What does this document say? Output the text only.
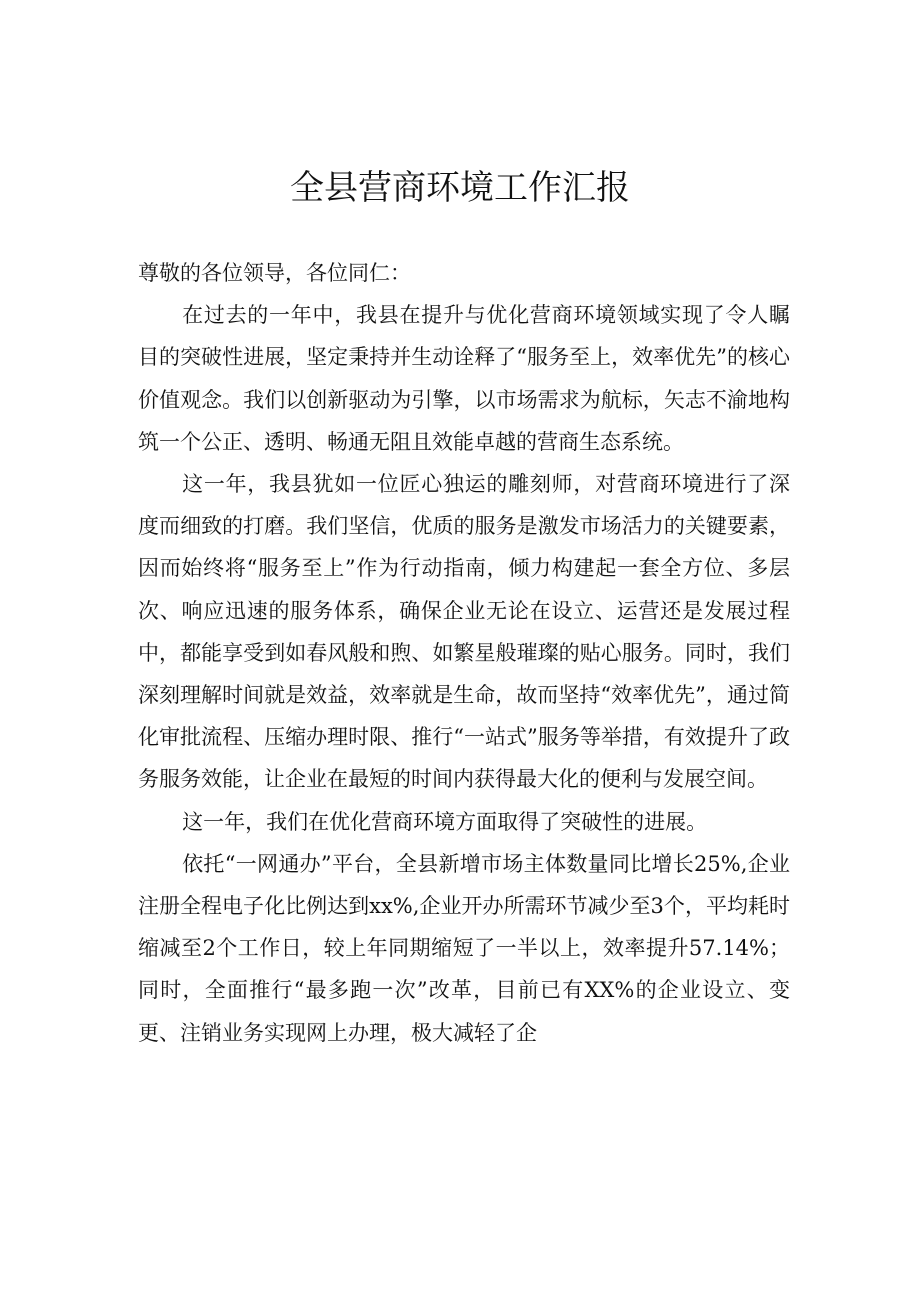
全县营商环境工作汇报

尊敬的各位领导，各位同仁：

在过去的一年中，我县在提升与优化营商环境领域实现了令人瞩目的突破性进展，坚定秉持并生动诠释了“服务至上，效率优先”的核心价值观念。我们以创新驱动为引擎，以市场需求为航标，矢志不渝地构筑一个公正、透明、畅通无阻且效能卓越的营商生态系统。

这一年，我县犹如一位匠心独运的雕刻师，对营商环境进行了深度而细致的打磨。我们坚信，优质的服务是激发市场活力的关键要素，因而始终将“服务至上”作为行动指南，倾力构建起一套全方位、多层次、响应迅速的服务体系，确保企业无论在设立、运营还是发展过程中，都能享受到如春风般和煦、如繁星般璀璨的贴心服务。同时，我们深刻理解时间就是效益，效率就是生命，故而坚持“效率优先”，通过简化审批流程、压缩办理时限、推行“一站式”服务等举措，有效提升了政务服务效能，让企业在最短的时间内获得最大化的便利与发展空间。

这一年，我们在优化营商环境方面取得了突破性的进展。

依托“一网通办”平台，全县新增市场主体数量同比增长25%,企业注册全程电子化比例达到xx%,企业开办所需环节减少至3个，平均耗时缩减至2个工作日，较上年同期缩短了一半以上，效率提升57.14%；同时，全面推行“最多跑一次”改革，目前已有XX%的企业设立、变更、注销业务实现网上办理，极大减轻了企
